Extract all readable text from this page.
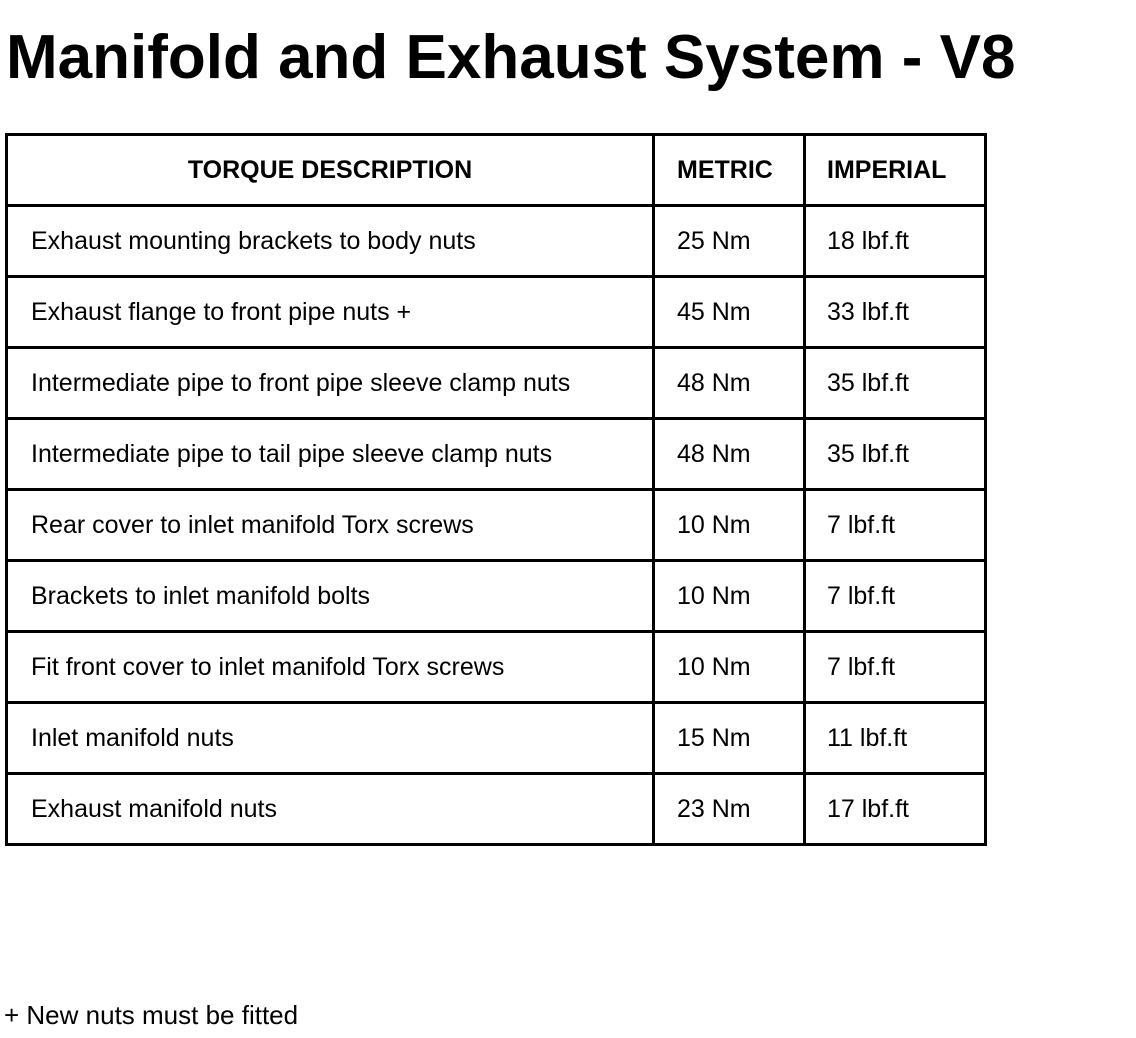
Manifold and Exhaust System - V8
TORQUE DESCRIPTION	METRIC	IMPERIAL
Exhaust mounting brackets to body nuts	25 Nm	18 lbf.ft
Exhaust flange to front pipe nuts +	45 Nm	33 lbf.ft
Intermediate pipe to front pipe sleeve clamp nuts	48 Nm	35 lbf.ft
Intermediate pipe to tail pipe sleeve clamp nuts	48 Nm	35 lbf.ft
Rear cover to inlet manifold Torx screws	10 Nm	7 lbf.ft
Brackets to inlet manifold bolts	10 Nm	7 lbf.ft
Fit front cover to inlet manifold Torx screws	10 Nm	7 lbf.ft
Inlet manifold nuts	15 Nm	11 lbf.ft
Exhaust manifold nuts	23 Nm	17 lbf.ft

+ New nuts must be fitted
